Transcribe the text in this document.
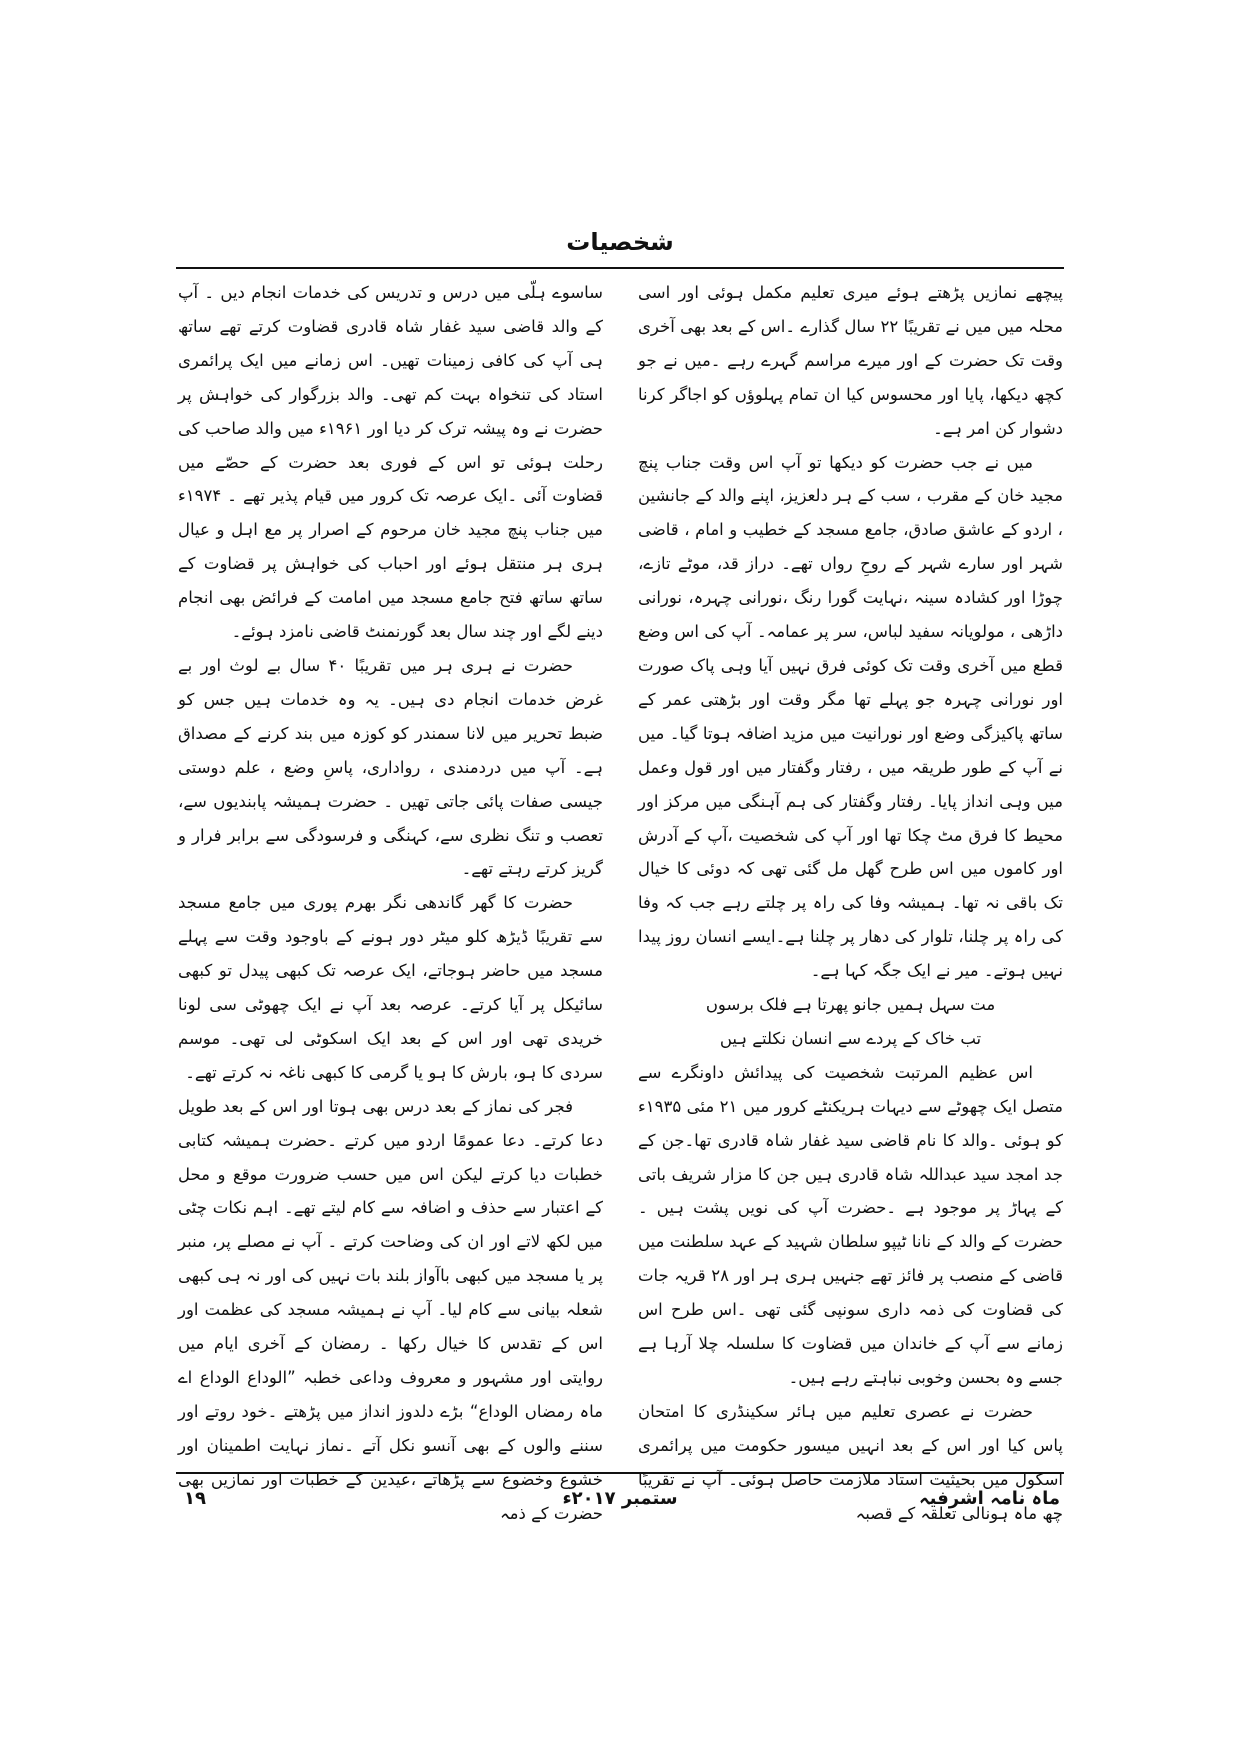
شخصیات

پیچھے نمازیں پڑھتے ہوئے میری تعلیم مکمل ہوئی اور اسی محلہ میں میں نے تقریبًا ۲۲ سال گذارے ۔اس کے بعد بھی آخری وقت تک حضرت کے اور میرے مراسم گہرے رہے ۔میں نے جو کچھ دیکھا، پایا اور محسوس کیا ان تمام پہلوؤں کو اجاگر کرنا دشوار کن امر ہے۔

میں نے جب حضرت کو دیکھا تو آپ اس وقت جناب پنچ مجید خان کے مقرب ، سب کے ہر دلعزیز، اپنے والد کے جانشین ، اردو کے عاشق صادق، جامع مسجد کے خطیب و امام ، قاضی شہر اور سارے شہر کے روحِ رواں تھے۔ دراز قد، موٹے تازے، چوڑا اور کشادہ سینہ ،نہایت گورا رنگ ،نورانی چہرہ، نورانی داڑھی ، مولویانہ سفید لباس، سر پر عمامہ۔ آپ کی اس وضع قطع میں آخری وقت تک کوئی فرق نہیں آیا وہی پاک صورت اور نورانی چہرہ جو پہلے تھا مگر وقت اور بڑھتی عمر کے ساتھ پاکیزگی وضع اور نورانیت میں مزید اضافہ ہوتا گیا۔ میں نے آپ کے طور طریقہ میں ، رفتار وگفتار میں اور قول وعمل میں وہی انداز پایا۔ رفتار وگفتار کی ہم آہنگی میں مرکز اور محیط کا فرق مٹ چکا تھا اور آپ کی شخصیت ،آپ کے آدرش اور کاموں میں اس طرح گھل مل گئی تھی کہ دوئی کا خیال تک باقی نہ تھا۔ ہمیشہ وفا کی راہ پر چلتے رہے جب کہ وفا کی راہ پر چلنا، تلوار کی دھار پر چلنا ہے۔ایسے انسان روز پیدا نہیں ہوتے۔ میر نے ایک جگہ کہا ہے۔

مت سہل ہمیں جانو پھرتا ہے فلک برسوں

تب خاک کے پردے سے انسان نکلتے ہیں

اس عظیم المرتبت شخصیت کی پیدائش داونگرے سے متصل ایک چھوٹے سے دیہات ہریکنٹے کرور میں ۲۱ مئی ۱۹۳۵ء کو ہوئی ۔والد کا نام قاضی سید غفار شاہ قادری تھا۔جن کے جد امجد سید عبداللہ شاہ قادری ہیں جن کا مزار شریف باتی کے پہاڑ پر موجود ہے ۔حضرت آپ کی نویں پشت ہیں ۔حضرت کے والد کے نانا ٹیپو سلطان شہید کے عہد سلطنت میں قاضی کے منصب پر فائز تھے جنہیں ہری ہر اور ۲۸ قریہ جات کی قضاوت کی ذمہ داری سونپی گئی تھی ۔اس طرح اس زمانے سے آپ کے خاندان میں قضاوت کا سلسلہ چلا آرہا ہے جسے وہ بحسن وخوبی نباہتے رہے ہیں۔

حضرت نے عصری تعلیم میں ہائر سکینڈری کا امتحان پاس کیا اور اس کے بعد انہیں میسور حکومت میں پرائمری اسکول میں بحیثیت استاد ملازمت حاصل ہوئی۔ آپ نے تقریبًا چھ ماہ ہونالی تعلقہ کے قصبہ

ساسوے ہلّی میں درس و تدریس کی خدمات انجام دیں ۔ آپ کے والد قاضی سید غفار شاہ قادری قضاوت کرتے تھے ساتھ ہی آپ کی کافی زمینات تھیں۔ اس زمانے میں ایک پرائمری استاد کی تنخواہ بہت کم تھی۔ والد بزرگوار کی خواہش پر حضرت نے وہ پیشہ ترک کر دیا اور ۱۹۶۱ء میں والد صاحب کی رحلت ہوئی تو اس کے فوری بعد حضرت کے حصّے میں قضاوت آئی ۔ایک عرصہ تک کرور میں قیام پذیر تھے ۔ ۱۹۷۴ء میں جناب پنچ مجید خان مرحوم کے اصرار پر مع اہل و عیال ہری ہر منتقل ہوئے اور احباب کی خواہش پر قضاوت کے ساتھ ساتھ فتح جامع مسجد میں امامت کے فرائض بھی انجام دینے لگے اور چند سال بعد گورنمنٹ قاضی نامزد ہوئے۔

حضرت نے ہری ہر میں تقریبًا ۴۰ سال بے لوث اور بے غرض خدمات انجام دی ہیں۔ یہ وہ خدمات ہیں جس کو ضبط تحریر میں لانا سمندر کو کوزہ میں بند کرنے کے مصداق ہے۔ آپ میں دردمندی ، رواداری، پاسِ وضع ، علم دوستی جیسی صفات پائی جاتی تھیں ۔ حضرت ہمیشہ پابندیوں سے، تعصب و تنگ نظری سے، کہنگی و فرسودگی سے برابر فرار و گریز کرتے رہتے تھے۔

حضرت کا گھر گاندھی نگر بھرم پوری میں جامع مسجد سے تقریبًا ڈیڑھ کلو میٹر دور ہونے کے باوجود وقت سے پہلے مسجد میں حاضر ہوجاتے، ایک عرصہ تک کبھی پیدل تو کبھی سائیکل پر آیا کرتے۔ عرصہ بعد آپ نے ایک چھوٹی سی لونا خریدی تھی اور اس کے بعد ایک اسکوٹی لی تھی۔ موسم سردی کا ہو، بارش کا ہو یا گرمی کا کبھی ناغہ نہ کرتے تھے۔

فجر کی نماز کے بعد درس بھی ہوتا اور اس کے بعد طویل دعا کرتے۔ دعا عمومًا اردو میں کرتے ۔حضرت ہمیشہ کتابی خطبات دیا کرتے لیکن اس میں حسب ضرورت موقع و محل کے اعتبار سے حذف و اضافہ سے کام لیتے تھے۔ اہم نکات چٹی میں لکھ لاتے اور ان کی وضاحت کرتے ۔ آپ نے مصلے پر، منبر پر یا مسجد میں کبھی باآواز بلند بات نہیں کی اور نہ ہی کبھی شعلہ بیانی سے کام لیا۔ آپ نے ہمیشہ مسجد کی عظمت اور اس کے تقدس کا خیال رکھا ۔ رمضان کے آخری ایام میں روایتی اور مشہور و معروف وداعی خطبہ ”الوداع الوداع اے ماہ رمضاں الوداع“ بڑے دلدوز انداز میں پڑھتے ۔خود روتے اور سننے والوں کے بھی آنسو نکل آتے ۔نماز نہایت اطمینان اور خشوع وخضوع سے پڑھاتے ،عیدین کے خطبات اور نمازیں بھی حضرت کے ذمہ

ماہ نامہ اشرفیہ
ستمبر ۲۰۱۷ء
۱۹
